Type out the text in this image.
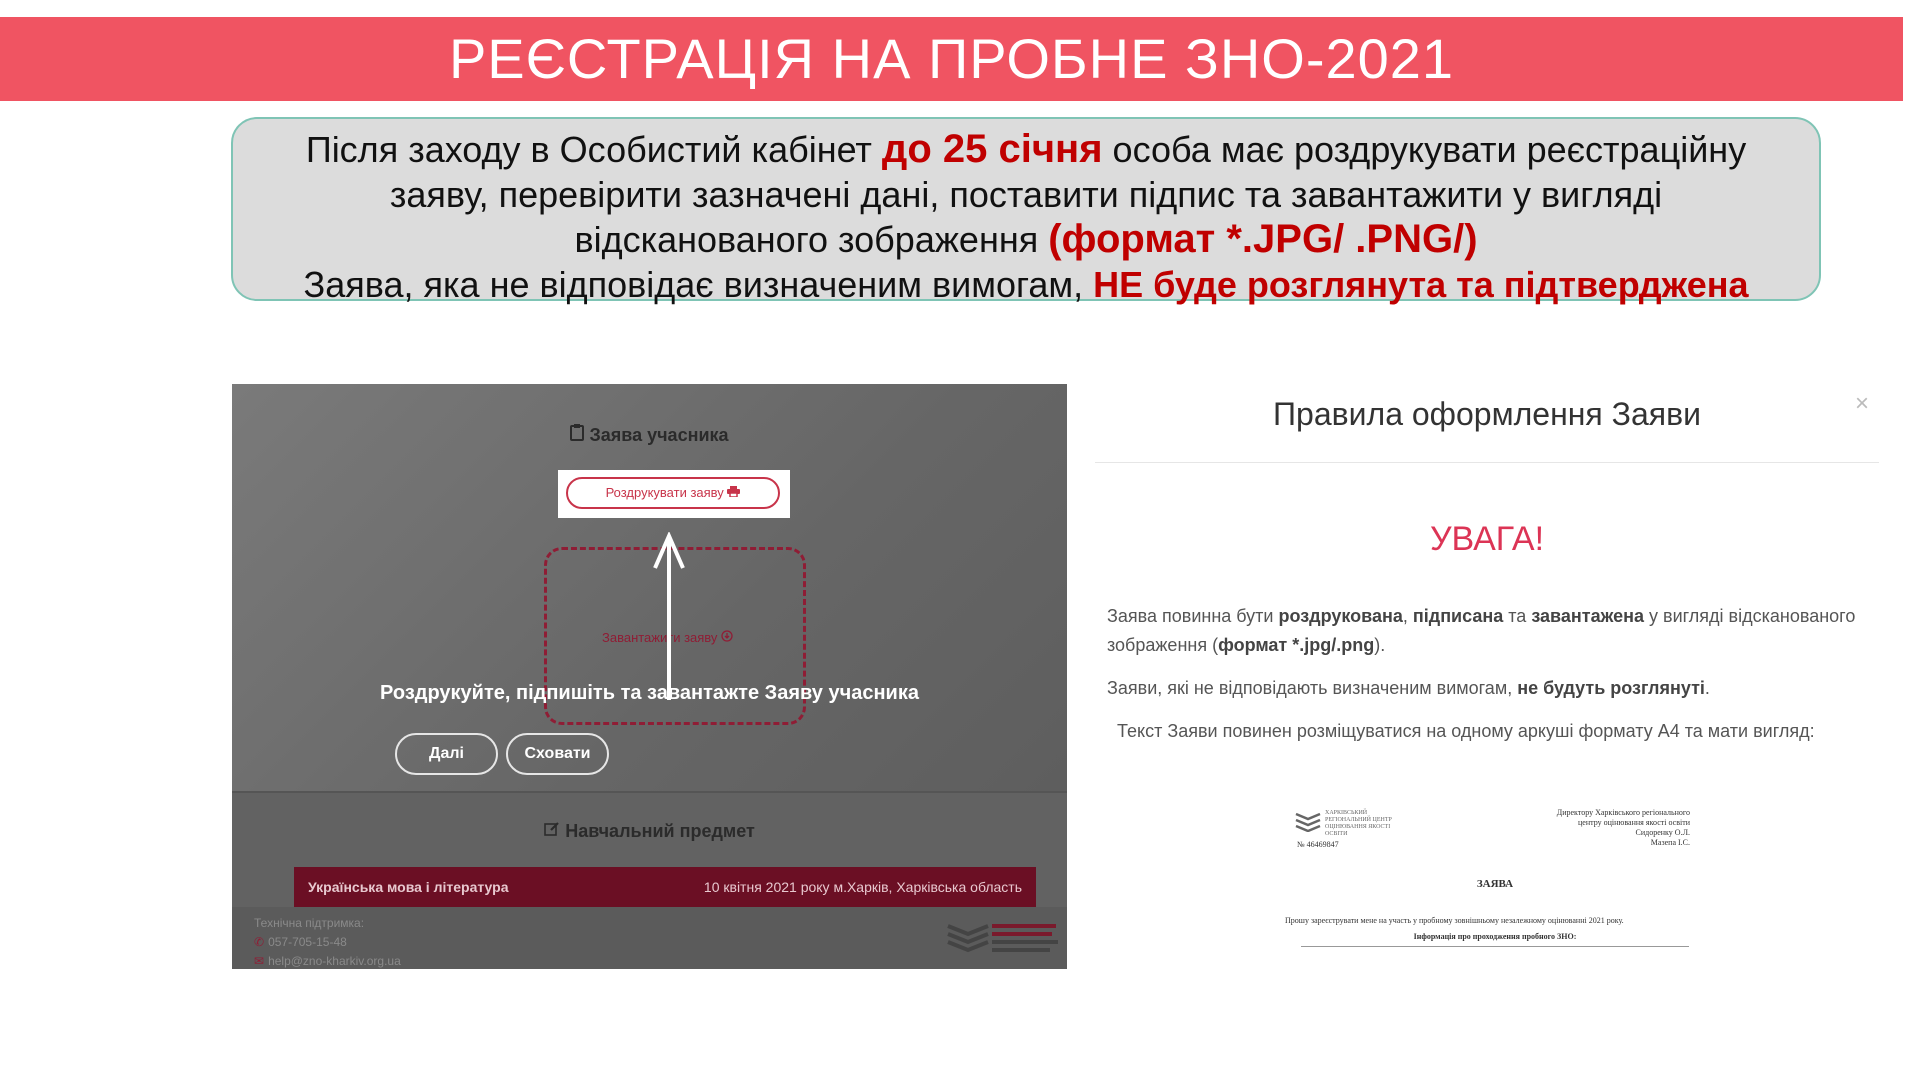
РЕЄСТРАЦІЯ НА ПРОБНЕ ЗНО-2021
Після заходу в Особистий кабінет до 25 січня особа має роздрукувати реєстраційну
заяву, перевірити зазначені дані, поставити підпис та завантажити у вигляді
відсканованого зображення (формат *.JPG/ .PNG/)
Заява, яка не відповідає визначеним вимогам, НЕ буде розглянута та підтверджена
Заява учасника
Роздрукувати заяву
Завантажити заяву
Роздрукуйте, підпишіть та завантажте Заяву учасника
Далі	Сховати
Навчальний предмет
Українська мова і література	10 квітня 2021 року м.Харків, Харківська область
Технічна підтримка:
✆ 057-705-15-48
✉ help@zno-kharkiv.org.ua
Правила оформлення Заяви	×
УВАГА!

Заява повинна бути роздрукована, підписана та завантажена у вигляді відсканованого зображення (формат *.jpg/.png).

Заяви, які не відповідають визначеним вимогам, не будуть розглянуті.

Текст Заяви повинен розміщуватися на одному аркуші формату А4 та мати вигляд:

ХАРКІВСЬКИЙ РЕГІОНАЛЬНИЙ ЦЕНТР ОЦІНЮВАННЯ ЯКОСТІ ОСВІТИ
№ 46469847
Директору Харківського регіонального
центру оцінювання якості освіти
Сидоренку О.Л.
Мазепа І.С.
ЗАЯВА
Прошу зареєструвати мене на участь у пробному зовнішньому незалежному оцінюванні 2021 року.
Інформація про проходження пробного ЗНО:
